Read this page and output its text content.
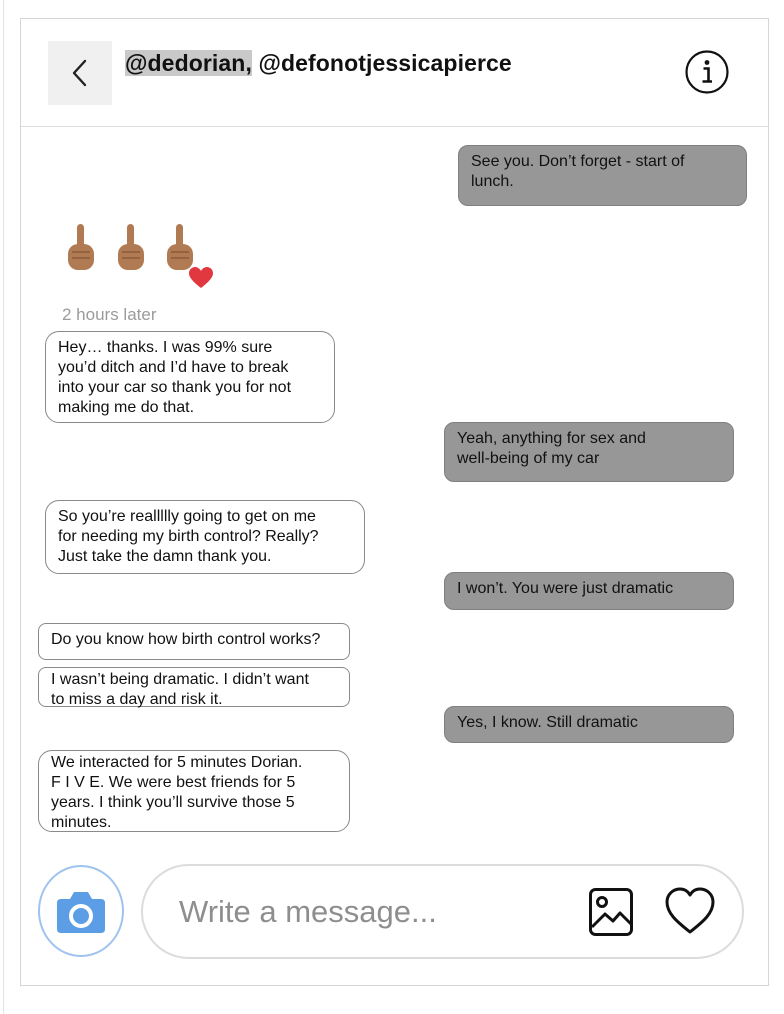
@dedorian, @defonotjessicapierce
See you. Don’t forget - start of
lunch.
2 hours later
Hey… thanks. I was 99% sure
you’d ditch and I’d have to break
into your car so thank you for not
making me do that.
Yeah, anything for sex and
well-being of my car
So you’re reallllly going to get on me
for needing my birth control? Really?
Just take the damn thank you.
I won’t. You were just dramatic
Do you know how birth control works?
I wasn’t being dramatic. I didn’t want
to miss a day and risk it.
Yes, I know. Still dramatic
We interacted for 5 minutes Dorian.
F I V E. We were best friends for 5
years. I think you’ll survive those 5
minutes.
Write a message...
